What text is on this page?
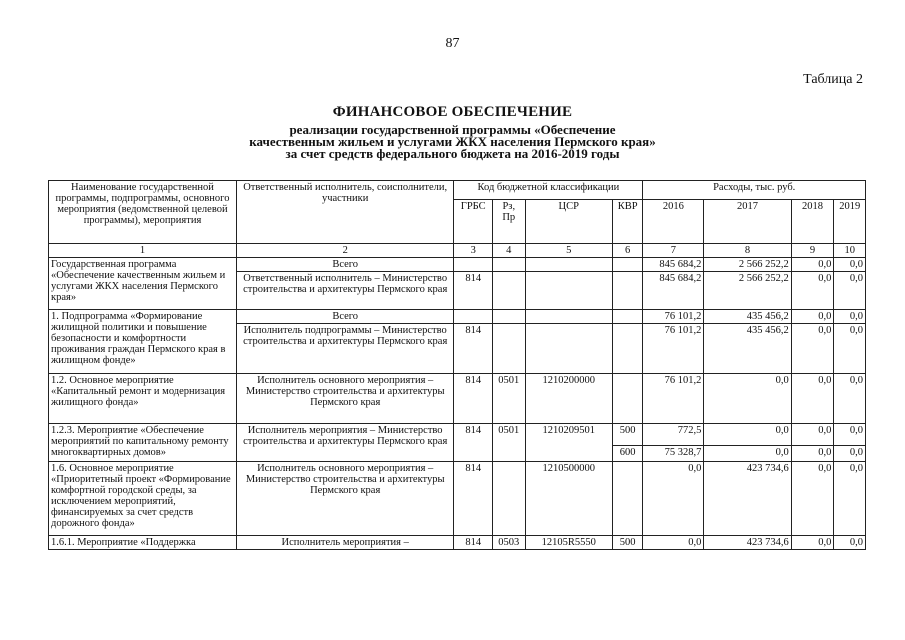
87
Таблица 2
ФИНАНСОВОЕ ОБЕСПЕЧЕНИЕ
реализации государственной программы «Обеспечение
качественным жильем и услугами ЖКХ населения Пермского края»
за счет средств федерального бюджета на 2016-2019 годы
Наименование государственной программы, подпрограммы, основного мероприятия (ведомственной целевой программы), мероприятия	Ответственный исполнитель, соисполнители, участники	Код бюджетной классификации				Расходы, тыс. руб.			
		ГРБС	Рз, Пр	ЦСР	КВР	2016	2017	2018	2019
1	2	3	4	5	6	7	8	9	10
Государственная программа «Обеспечение качественным жильем и услугами ЖКХ населения Пермского края»	Всего					845 684,2	2 566 252,2	0,0	0,0
	Ответственный исполнитель – Министерство строительства и архитектуры Пермского края	814				845 684,2	2 566 252,2	0,0	0,0
1. Подпрограмма «Формирование жилищной политики и повышение безопасности и комфортности проживания граждан Пермского края в жилищном фонде»	Всего					76 101,2	435 456,2	0,0	0,0
	Исполнитель подпрограммы – Министерство строительства и архитектуры Пермского края	814				76 101,2	435 456,2	0,0	0,0
1.2. Основное мероприятие «Капитальный ремонт и модернизация жилищного фонда»	Исполнитель основного мероприятия – Министерство строительства и архитектуры Пермского края	814	0501	1210200000		76 101,2	0,0	0,0	0,0
1.2.3. Мероприятие «Обеспечение мероприятий по капитальному ремонту многоквартирных домов»	Исполнитель мероприятия – Министерство строительства и архитектуры Пермского края	814	0501	1210209501	500	772,5	0,0	0,0	0,0
					600	75 328,7	0,0	0,0	0,0
1.6. Основное мероприятие «Приоритетный проект «Формирование комфортной городской среды, за исключением мероприятий, финансируемых за счет средств дорожного фонда»	Исполнитель основного мероприятия – Министерство строительства и архитектуры Пермского края	814		1210500000		0,0	423 734,6	0,0	0,0
1.6.1. Мероприятие «Поддержка	Исполнитель мероприятия –	814	0503	12105R5550	500	0,0	423 734,6	0,0	0,0
